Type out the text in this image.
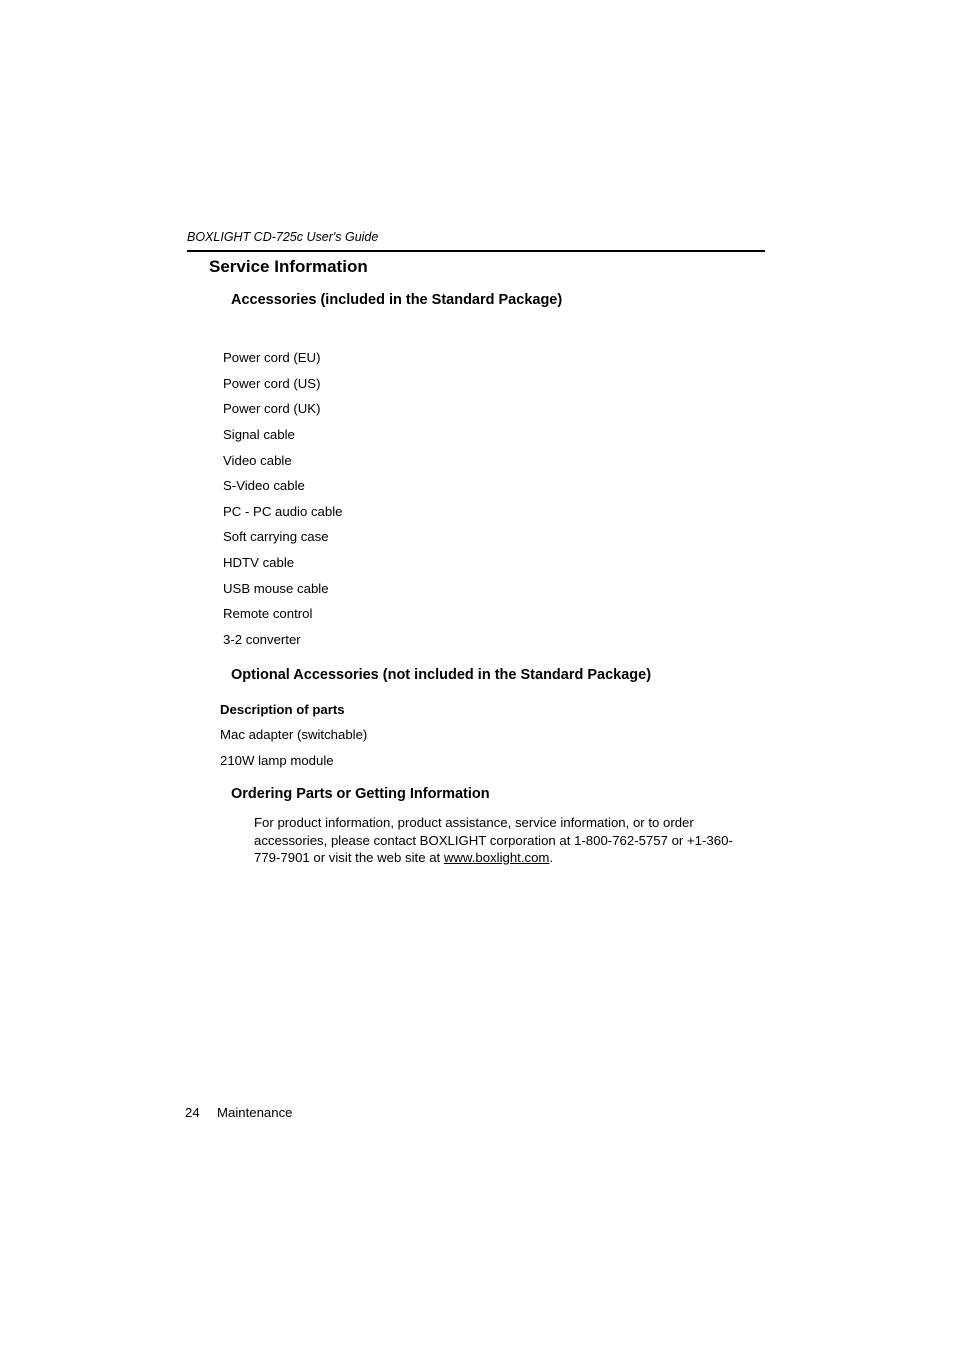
BOXLIGHT CD-725c User's Guide
Service Information
Accessories (included in the Standard Package)
Power cord (EU)
Power cord (US)
Power cord (UK)
Signal cable
Video cable
S-Video cable
PC - PC audio cable
Soft carrying case
HDTV cable
USB mouse cable
Remote control
3-2 converter
Optional Accessories (not included in the Standard Package)
Description of parts
Mac adapter (switchable)
210W lamp module
Ordering Parts or Getting Information

For product information, product assistance, service information, or to order accessories, please contact BOXLIGHT corporation at 1-800-762-5757 or +1-360-779-7901 or visit the web site at www.boxlight.com.

24 Maintenance
